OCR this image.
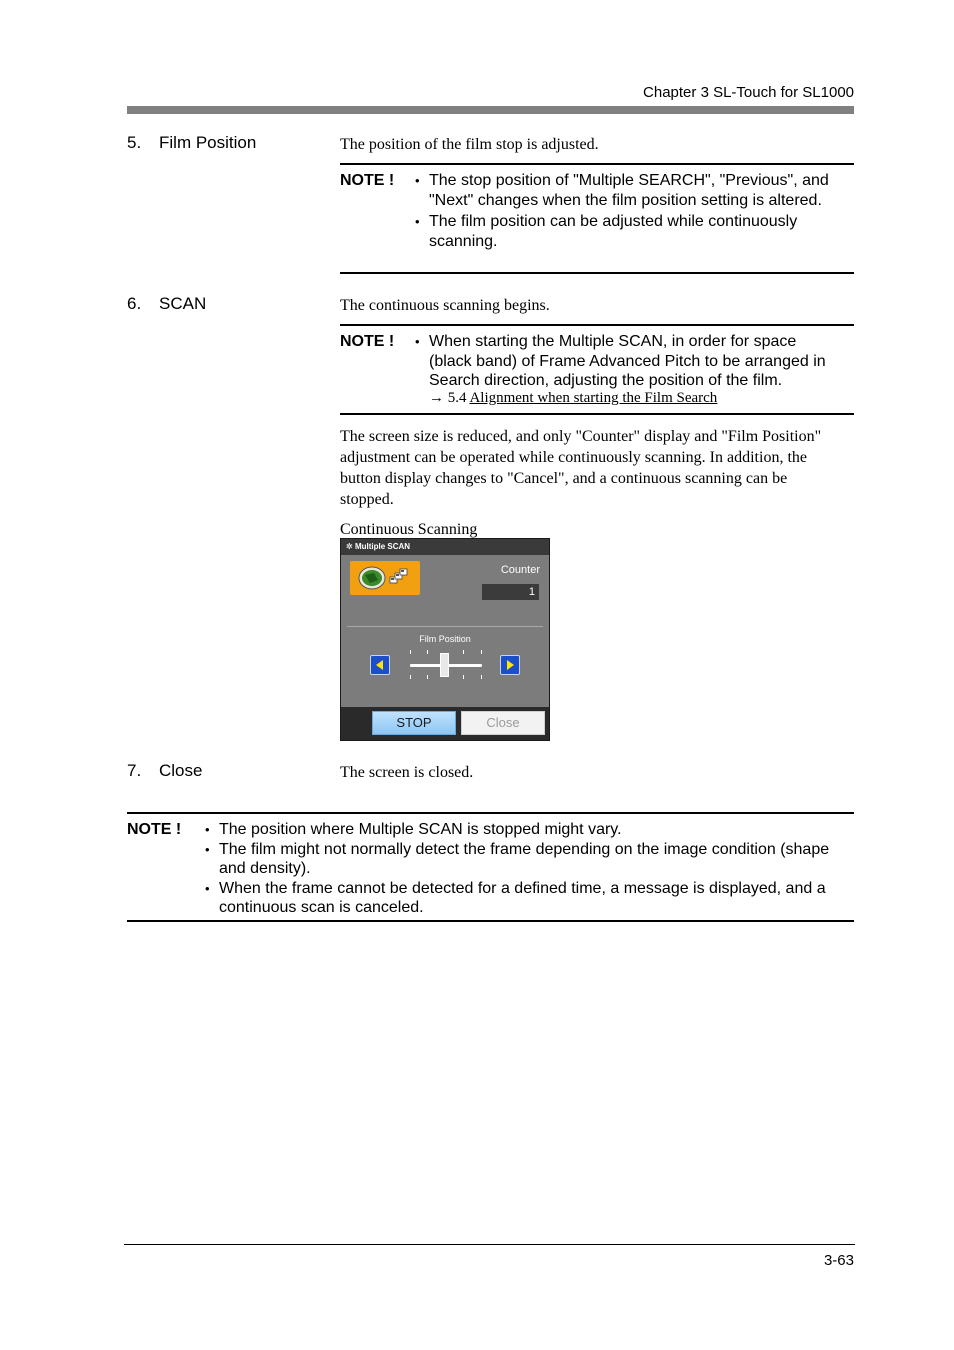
Chapter 3 SL-Touch for SL1000
5. Film Position	The position of the film stop is adjusted.
NOTE !	• The stop position of "Multiple SEARCH", "Previous", and "Next" changes when the film position setting is altered.
• The film position can be adjusted while continuously scanning.
6. SCAN	The continuous scanning begins.
NOTE !	• When starting the Multiple SCAN, in order for space (black band) of Frame Advanced Pitch to be arranged in Search direction, adjusting the position of the film.
→ 5.4 Alignment when starting the Film Search
The screen size is reduced, and only "Counter" display and "Film Position" adjustment can be operated while continuously scanning. In addition, the button display changes to "Cancel", and a continuous scanning can be stopped.
Continuous Scanning
✲ Multiple SCAN
Counter
1
Film Position
STOP	Close
7. Close	The screen is closed.
NOTE !	• The position where Multiple SCAN is stopped might vary.
• The film might not normally detect the frame depending on the image condition (shape and density).
• When the frame cannot be detected for a defined time, a message is displayed, and a continuous scan is canceled.
3-63
